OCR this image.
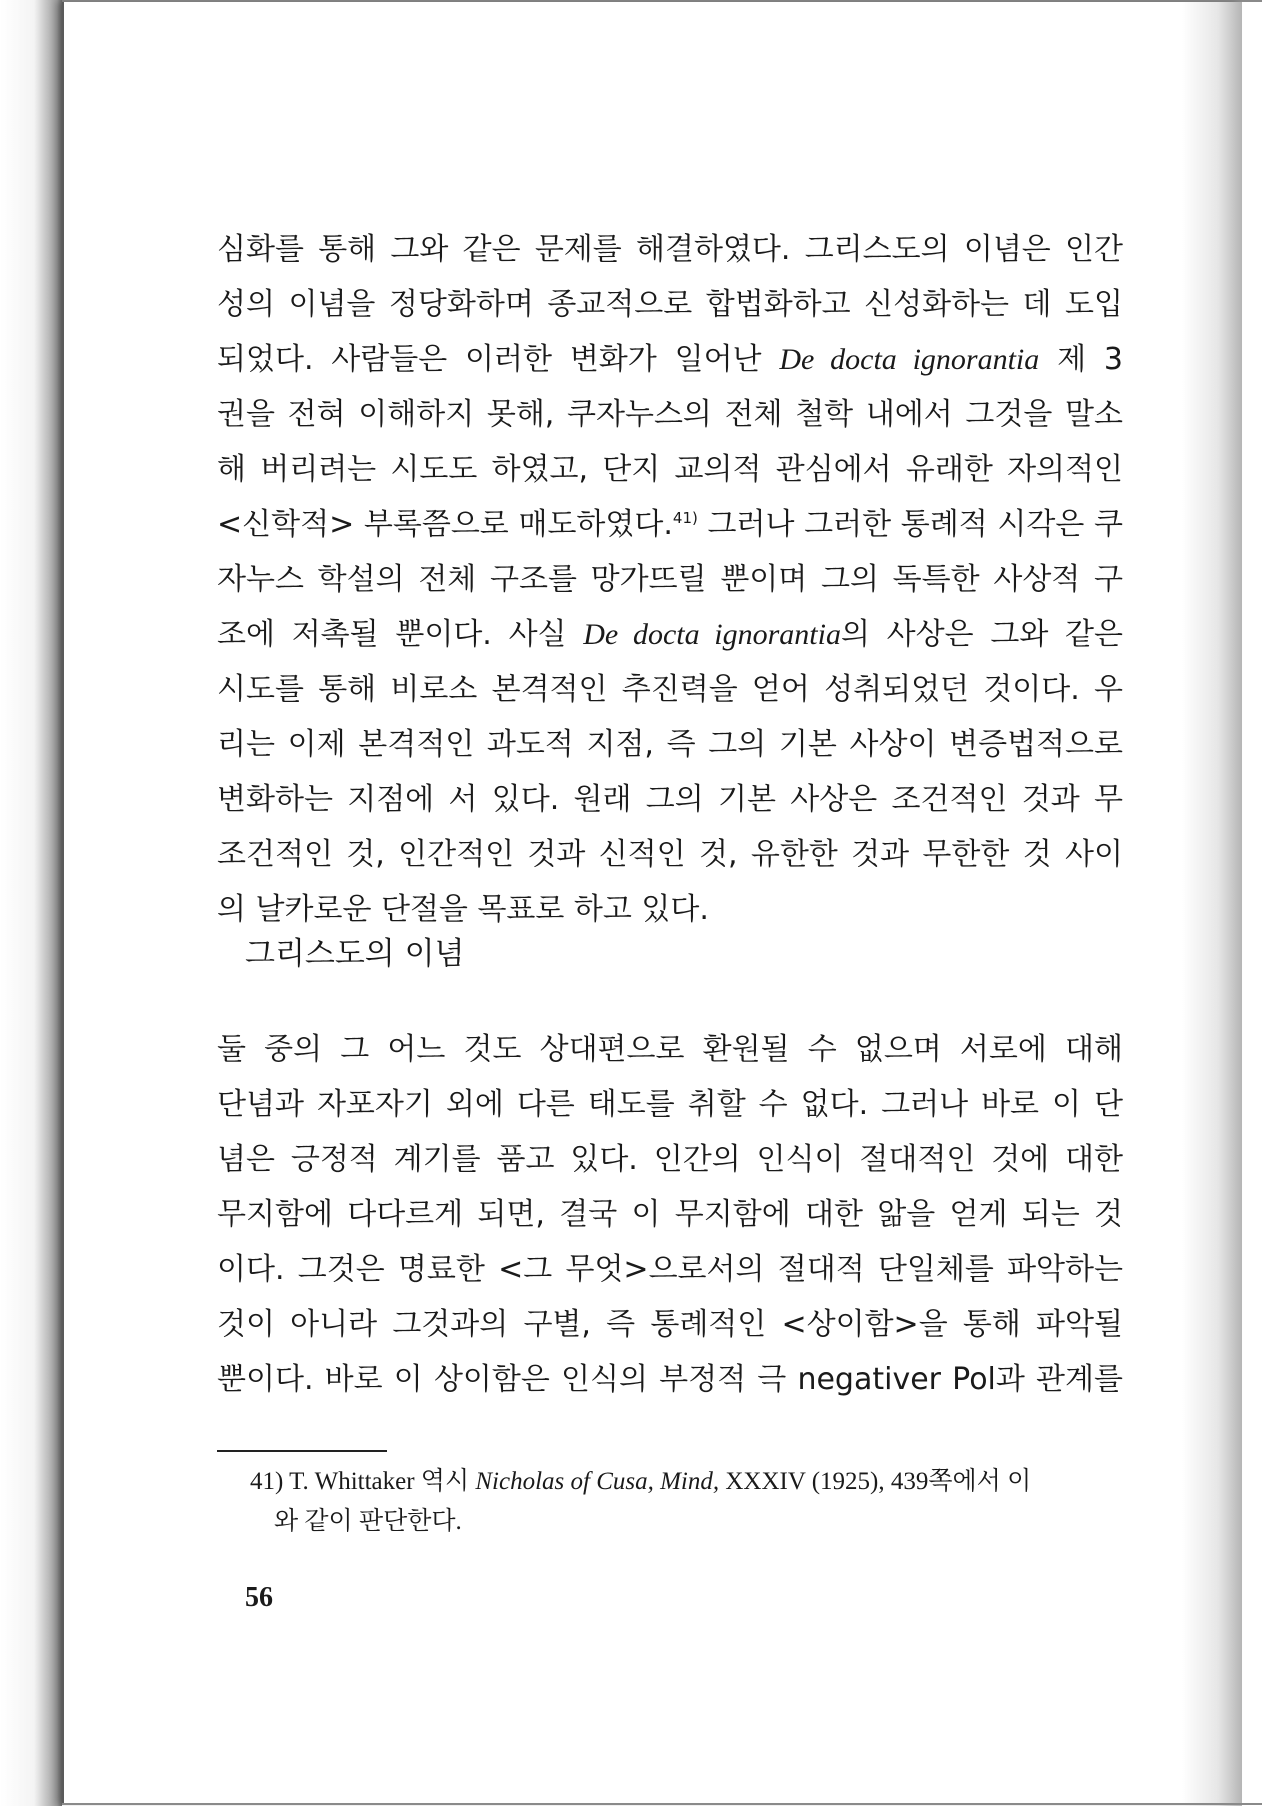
심화를 통해 그와 같은 문제를 해결하였다. 그리스도의 이념은 인간
성의 이념을 정당화하며 종교적으로 합법화하고 신성화하는 데 도입
되었다. 사람들은 이러한 변화가 일어난 De docta ignorantia 제 3
권을 전혀 이해하지 못해, 쿠자누스의 전체 철학 내에서 그것을 말소
해 버리려는 시도도 하였고, 단지 교의적 관심에서 유래한 자의적인
<신학적> 부록쯤으로 매도하였다.$^{41)}$ 그러나 그러한 통례적 시각은 쿠
자누스 학설의 전체 구조를 망가뜨릴 뿐이며 그의 독특한 사상적 구
조에 저촉될 뿐이다. 사실 De docta ignorantia의 사상은 그와 같은
시도를 통해 비로소 본격적인 추진력을 얻어 성취되었던 것이다. 우
리는 이제 본격적인 과도적 지점, 즉 그의 기본 사상이 변증법적으로
변화하는 지점에 서 있다. 원래 그의 기본 사상은 조건적인 것과 무
조건적인 것, 인간적인 것과 신적인 것, 유한한 것과 무한한 것 사이
의 날카로운 단절을 목표로 하고 있다.
그리스도의 이념
둘 중의 그 어느 것도 상대편으로 환원될 수 없으며 서로에 대해
단념과 자포자기 외에 다른 태도를 취할 수 없다. 그러나 바로 이 단
념은 긍정적 계기를 품고 있다. 인간의 인식이 절대적인 것에 대한
무지함에 다다르게 되면, 결국 이 무지함에 대한 앎을 얻게 되는 것
이다. 그것은 명료한 <그 무엇>으로서의 절대적 단일체를 파악하는
것이 아니라 그것과의 구별, 즉 통례적인 <상이함>을 통해 파악될
뿐이다. 바로 이 상이함은 인식의 부정적 극 negativer Pol과 관계를
41) T. Whittaker 역시 Nicholas of Cusa, Mind, XXXIV (1925), 439쪽에서 이
와 같이 판단한다.
56
